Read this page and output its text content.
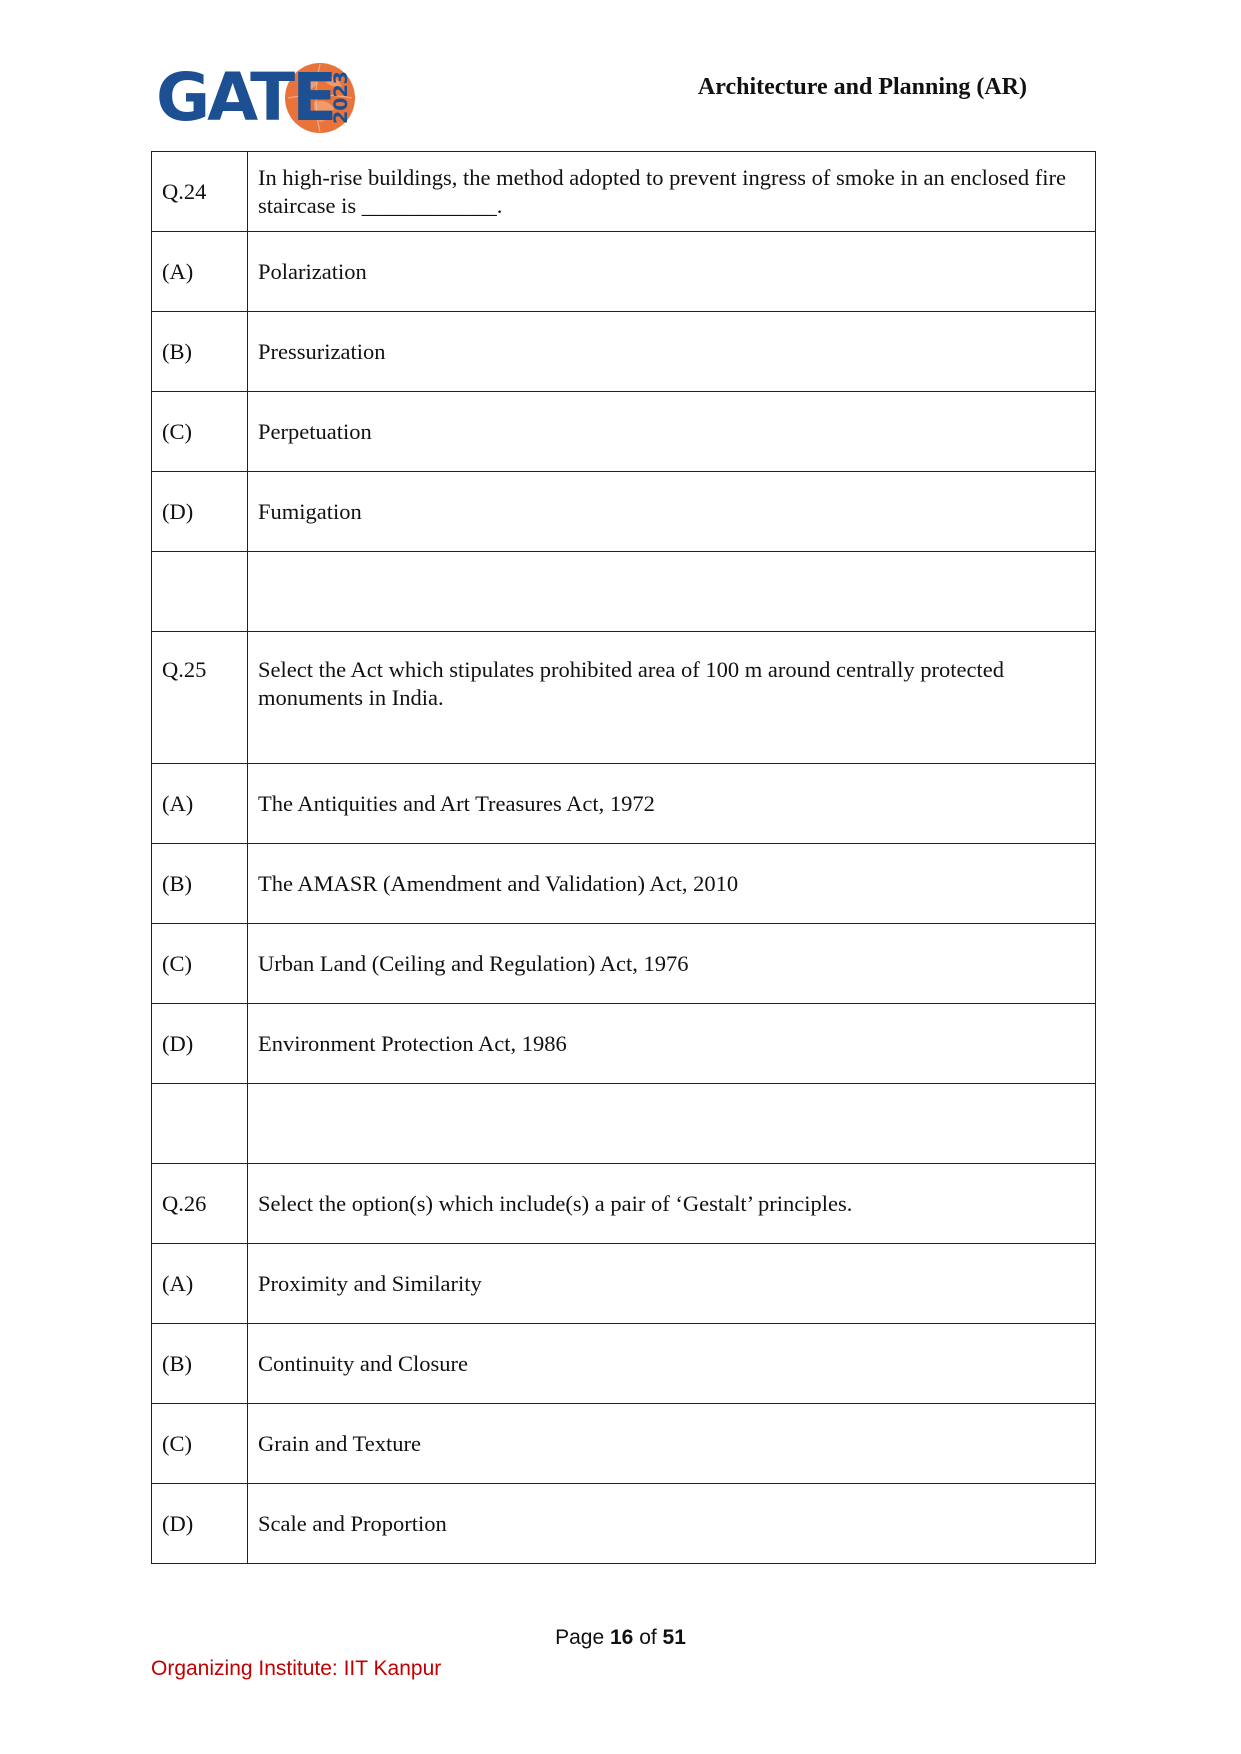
GATE
2023	Architecture and Planning (AR)
Q.24	In high-rise buildings, the method adopted to prevent ingress of smoke in an enclosed fire staircase is ____________.
(A)	Polarization
(B)	Pressurization
(C)	Perpetuation
(D)	Fumigation

Q.25	Select the Act which stipulates prohibited area of 100 m around centrally protected monuments in India.
(A)	The Antiquities and Art Treasures Act, 1972
(B)	The AMASR (Amendment and Validation) Act, 2010
(C)	Urban Land (Ceiling and Regulation) Act, 1976
(D)	Environment Protection Act, 1986

Q.26	Select the option(s) which include(s) a pair of ‘Gestalt’ principles.
(A)	Proximity and Similarity
(B)	Continuity and Closure
(C)	Grain and Texture
(D)	Scale and Proportion
Page 16 of 51
Organizing Institute: IIT Kanpur
